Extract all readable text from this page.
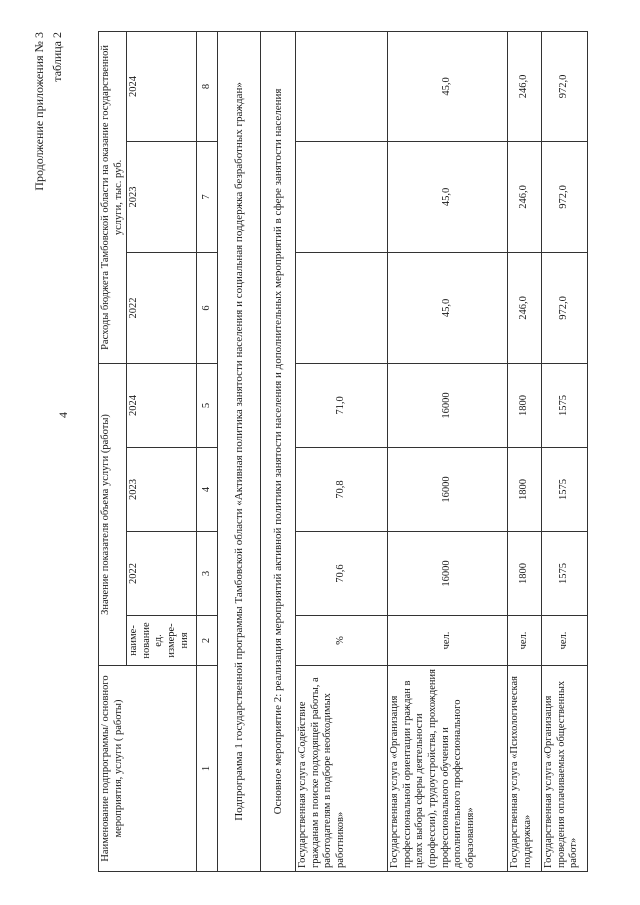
4
Продолжение приложения № 3 таблица 2
Наименование подпрограммы/ основного мероприятия, услуги ( работы)	Значение показателя объема услуги (работы)				Расходы бюджета Тамбовской области на оказание государственной услуги, тыс. руб.		
	наиме-нование ед. измере-ния	2022	2023	2024	2022	2023	2024
1	2	3	4	5	6	7	8
Подпрограмма 1 государственной программы Тамбовской области «Активная политика занятости населения и социальная поддержка безработных граждан»							
Основное мероприятие 2: реализация мероприятий активной политики занятости населения и дополнительных мероприятий в сфере занятости населения							
Государственная услуга «Содействие гражданам в поиске подходящей работы, а работодателям в подборе необходимых работников»	%	70,6	70,8	71,0			
Государственная услуга «Организация профессиональной ориентации граждан в целях выбора сферы деятельности (профессии), трудоустройства, прохождения профессионального обучения и дополнительного профессионального образования»	чел.	16000	16000	16000	45,0	45,0	45,0
Государственная услуга «Психологическая поддержка»	чел.	1800	1800	1800	246,0	246,0	246,0
Государственная услуга «Организация проведения оплачиваемых общественных работ»	чел.	1575	1575	1575	972,0	972,0	972,0
